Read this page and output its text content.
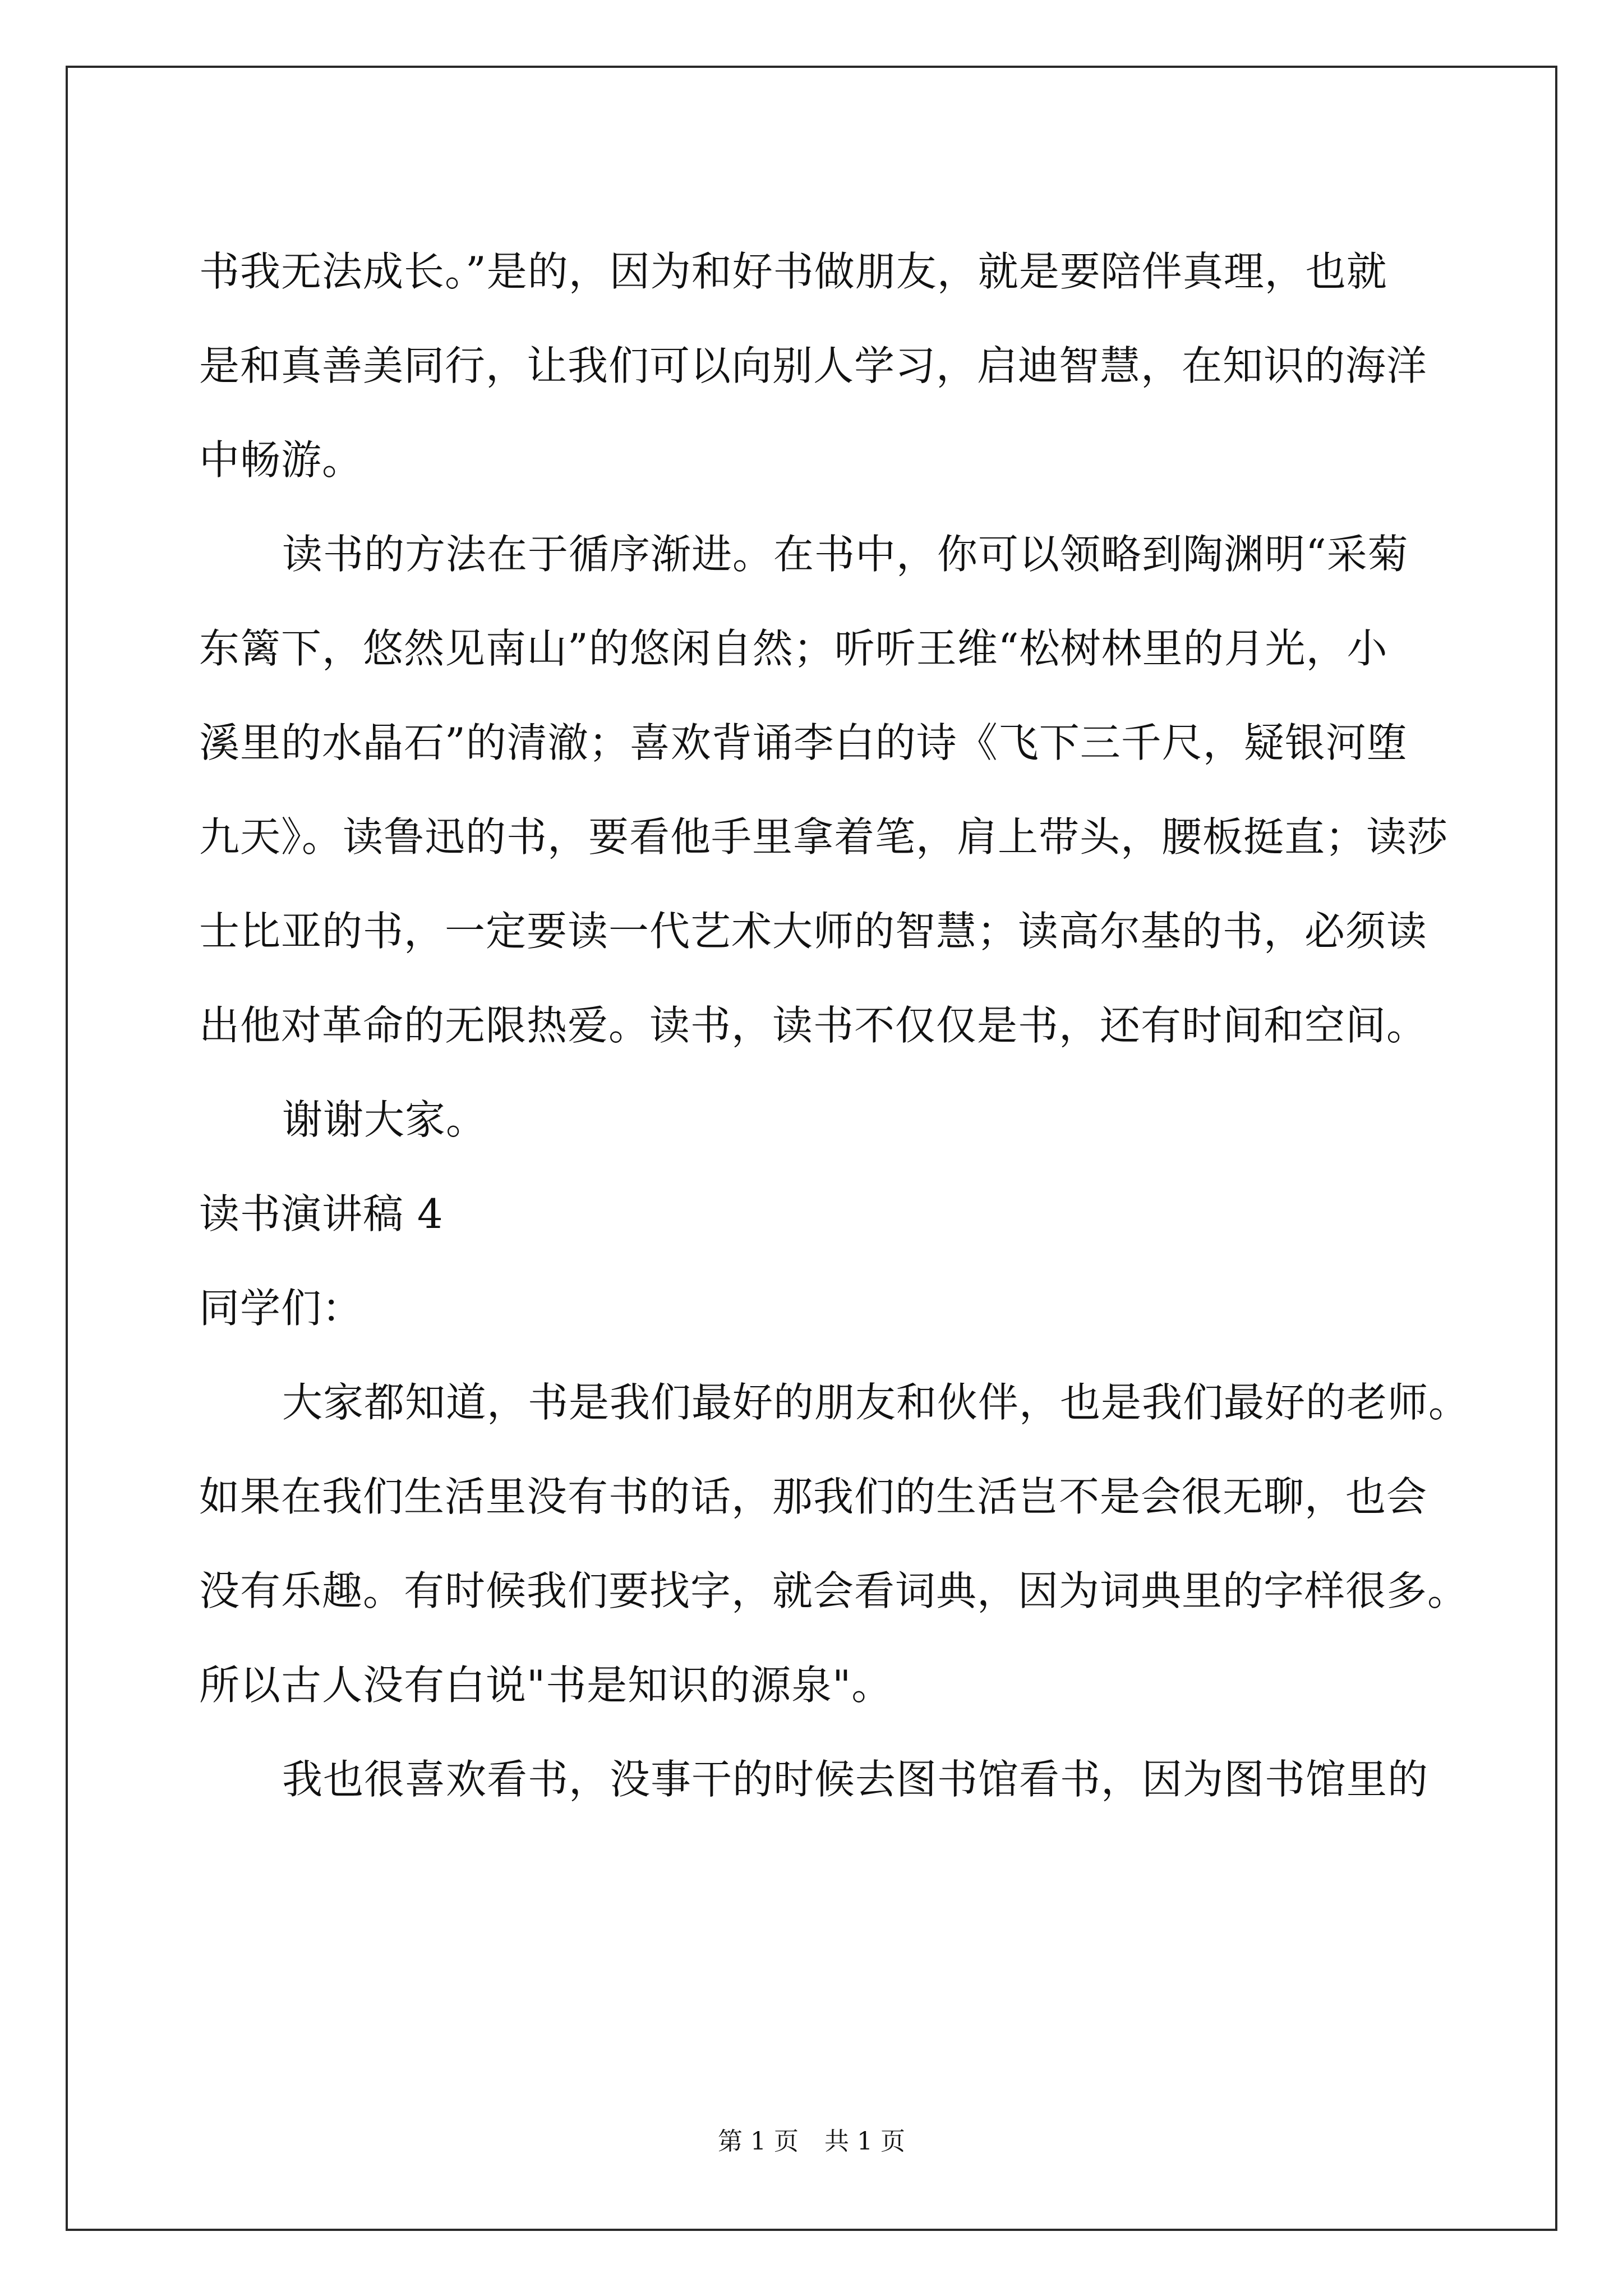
书我无法成长。”是的，因为和好书做朋友，就是要陪伴真理，也就

是和真善美同行，让我们可以向别人学习，启迪智慧，在知识的海洋

中畅游。

读书的方法在于循序渐进。在书中，你可以领略到陶渊明“采菊

东篱下，悠然见南山”的悠闲自然；听听王维“松树林里的月光，小

溪里的水晶石”的清澈；喜欢背诵李白的诗《飞下三千尺，疑银河堕

九天》。读鲁迅的书，要看他手里拿着笔，肩上带头，腰板挺直；读莎

士比亚的书，一定要读一代艺术大师的智慧；读高尔基的书，必须读

出他对革命的无限热爱。读书，读书不仅仅是书，还有时间和空间。

谢谢大家。

读书演讲稿 4

同学们：

大家都知道，书是我们最好的朋友和伙伴，也是我们最好的老师。

如果在我们生活里没有书的话，那我们的生活岂不是会很无聊，也会

没有乐趣。有时候我们要找字，就会看词典，因为词典里的字样很多。

所以古人没有白说"书是知识的源泉"。

我也很喜欢看书，没事干的时候去图书馆看书，因为图书馆里的

第 1 页 共 1 页
